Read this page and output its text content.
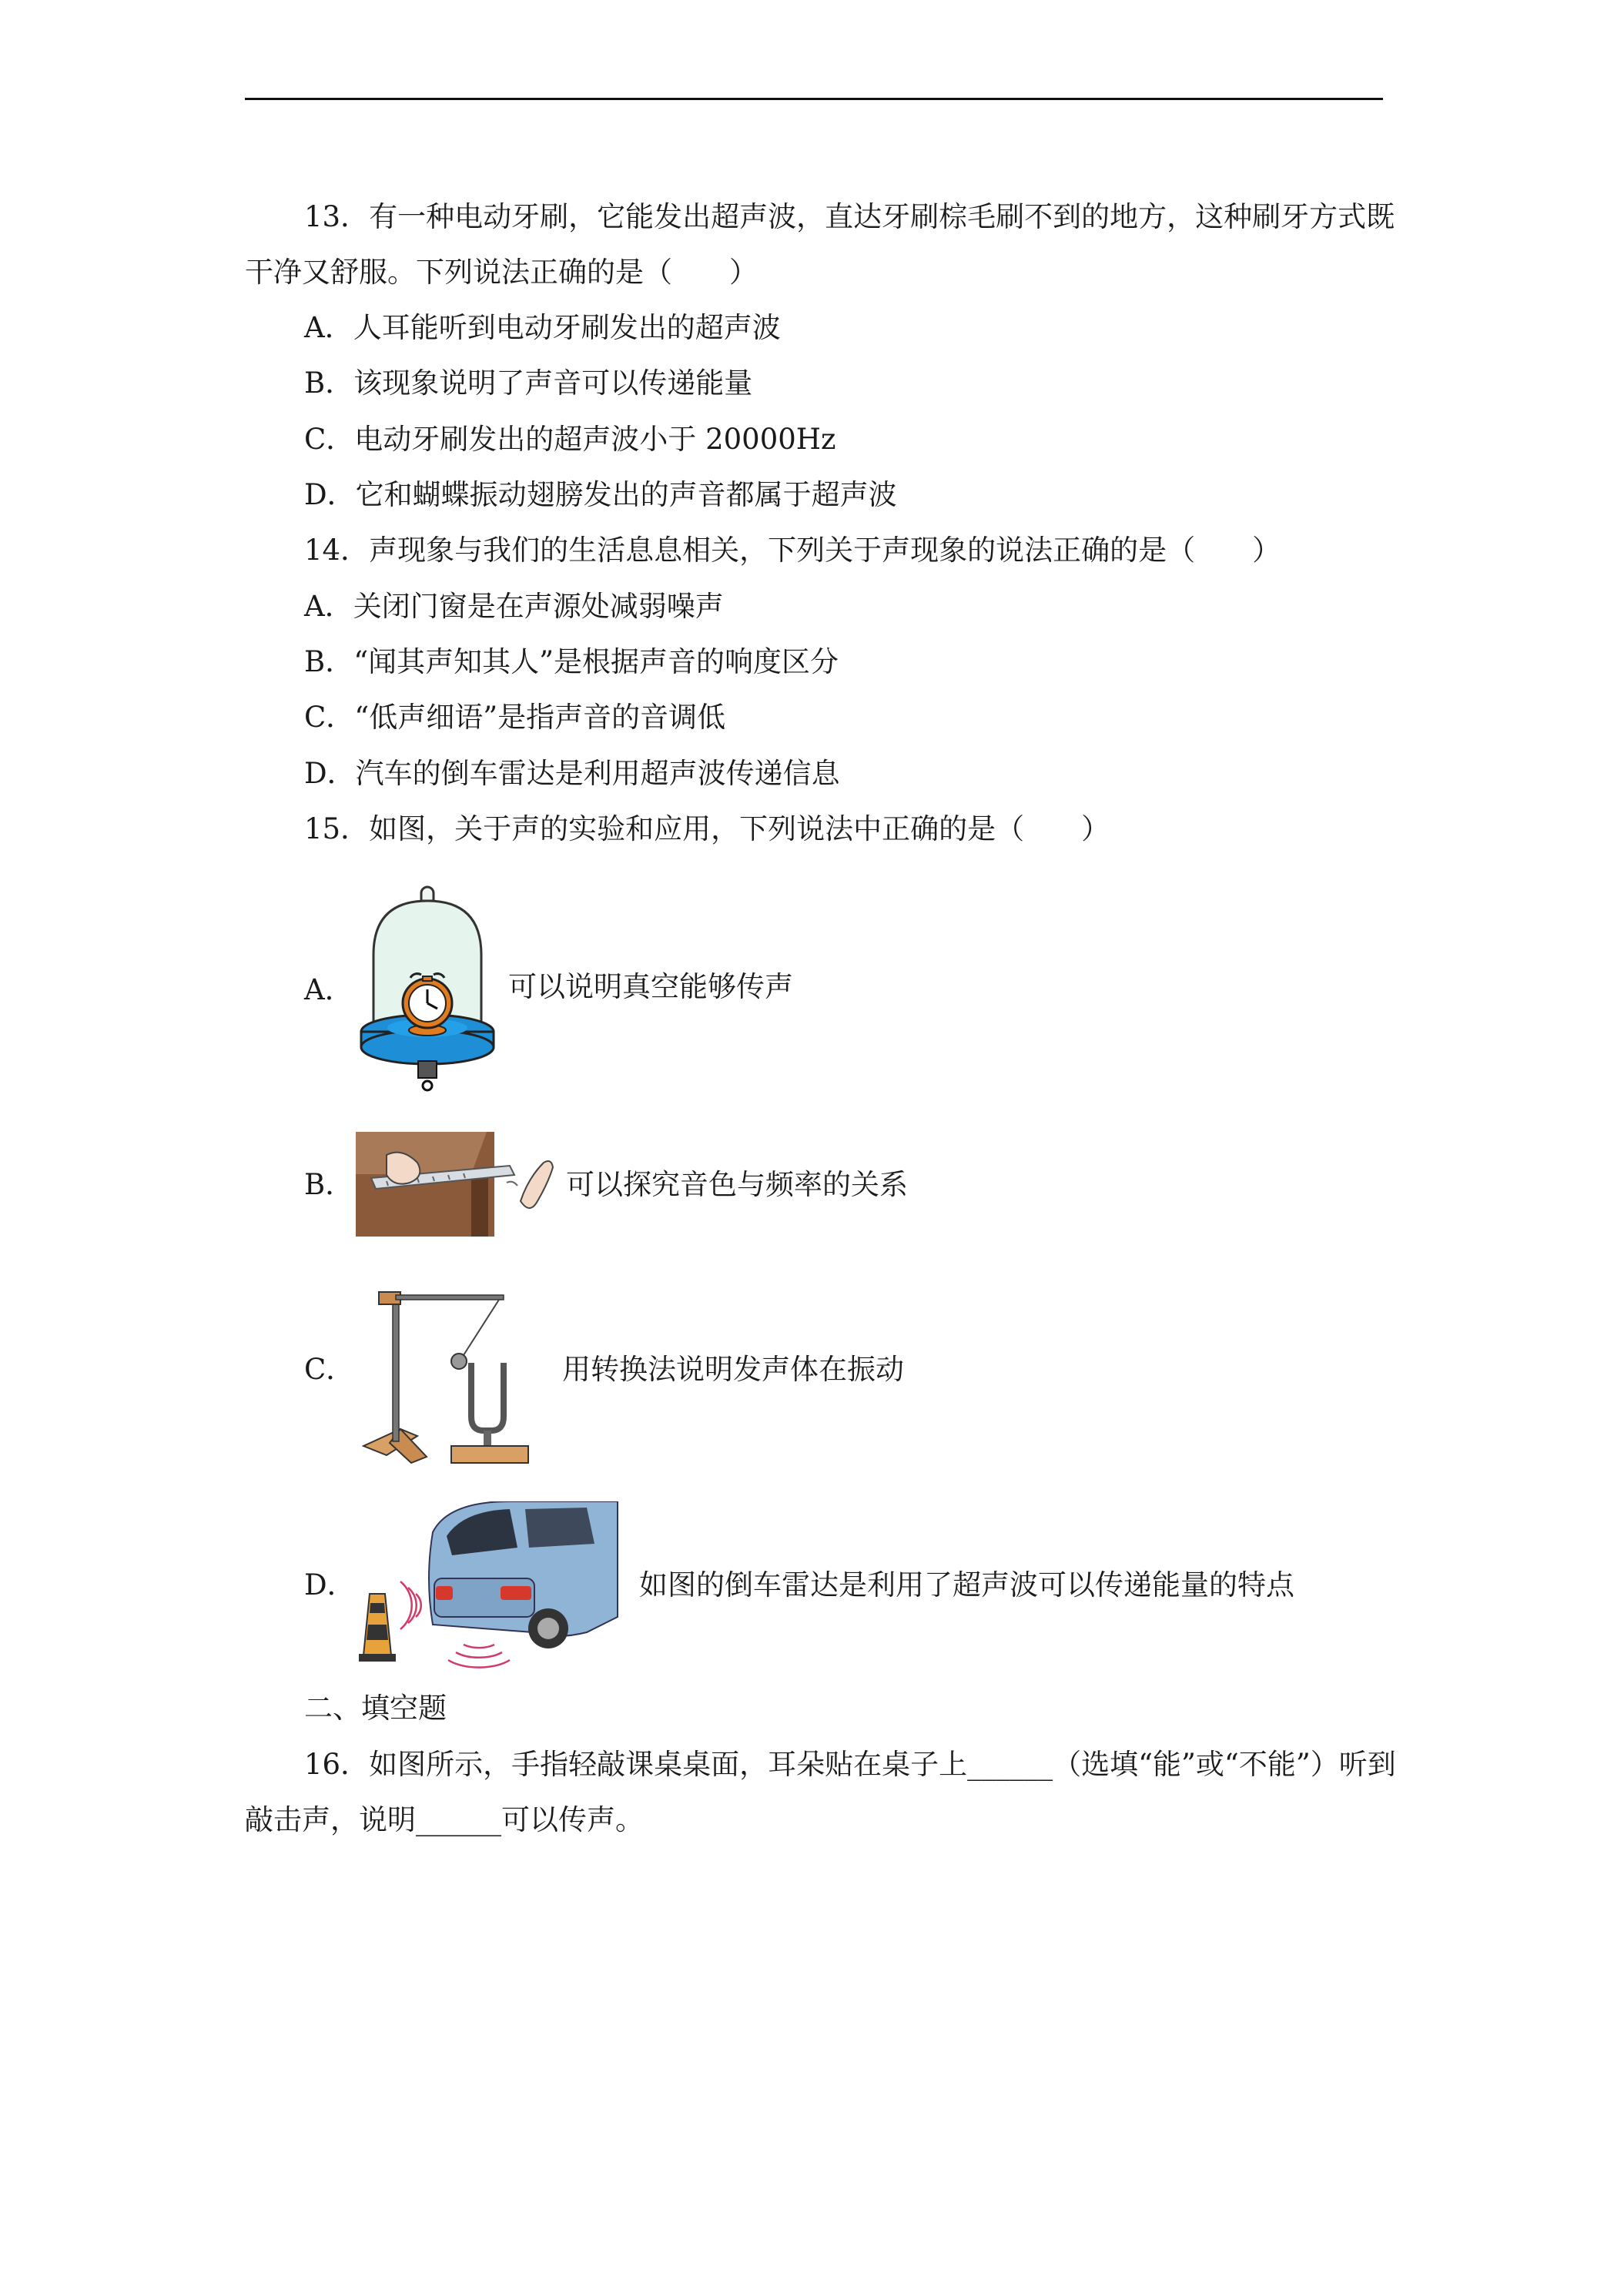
13．有一种电动牙刷，它能发出超声波，直达牙刷棕毛刷不到的地方，这种刷牙方式既
干净又舒服。下列说法正确的是（　　）
A．人耳能听到电动牙刷发出的超声波
B．该现象说明了声音可以传递能量
C．电动牙刷发出的超声波小于 20000Hz
D．它和蝴蝶振动翅膀发出的声音都属于超声波
14．声现象与我们的生活息息相关，下列关于声现象的说法正确的是（　　）
A．关闭门窗是在声源处减弱噪声
B．“闻其声知其人”是根据声音的响度区分
C．“低声细语”是指声音的音调低
D．汽车的倒车雷达是利用超声波传递信息
15．如图，关于声的实验和应用，下列说法中正确的是（　　）
A．	可以说明真空能够传声
B．	可以探究音色与频率的关系
C．	用转换法说明发声体在振动
D．	如图的倒车雷达是利用了超声波可以传递能量的特点
二、填空题
16．如图所示，手指轻敲课桌桌面，耳朵贴在桌子上______（选填“能”或“不能”）听到
敲击声，说明______可以传声。
